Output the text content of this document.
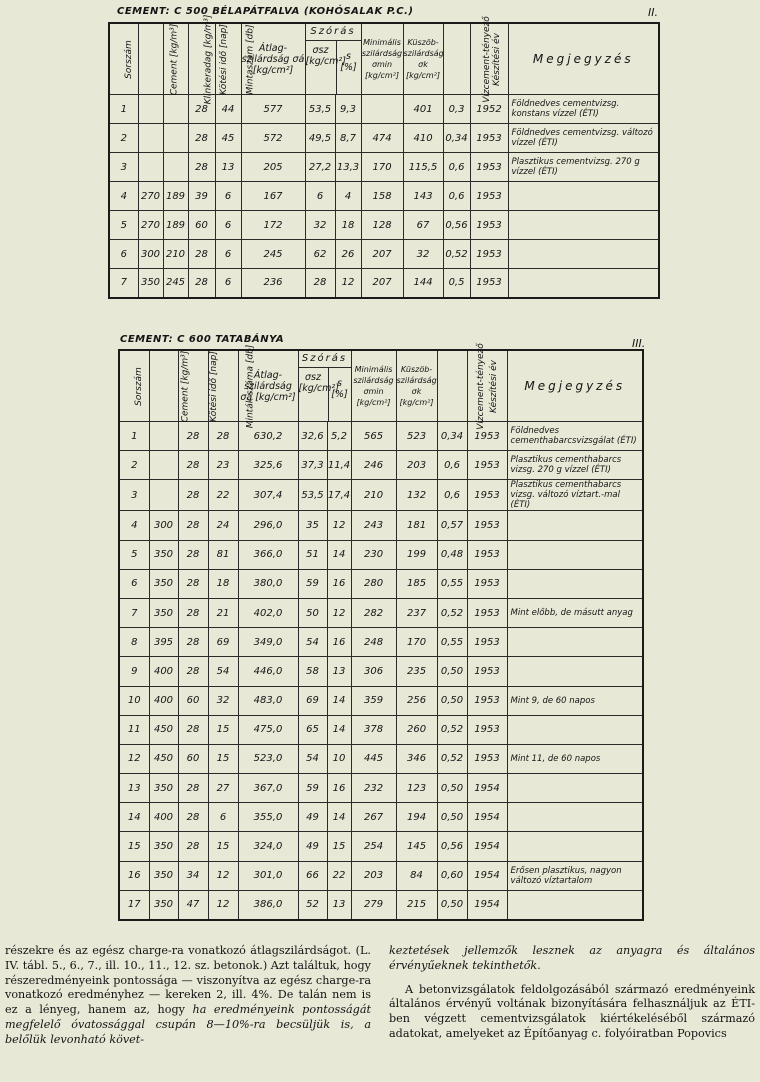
CEMENT: C 500 BÉLAPÁTFALVA (KOHÓSALAK P.C.)	II.
Sorszám	Cement [kg/m³]	Klinkeradag [kg/m³]	Kötési idő [nap]	Mintaszám [db]	Átlag-szilárdság σá [kg/cm²]	Szórás
σsz [kg/cm²] s [%]		Minimális szilárdság σmin [kg/cm²]	Küszöb-szilárdság σk [kg/cm²]	Vízcement-tényező	Készítési év	Megjegyzés
1			28	44	577	53,5	9,3		401	0,3	1952	Földnedves cementvizsg. konstans vízzel (ÉTI)
2			28	45	572	49,5	8,7	474	410	0,34	1953	Földnedves cementvizsg. változó vízzel (ÉTI)
3			28	13	205	27,2	13,3	170	115,5	0,6	1953	Plasztikus cementvizsg. 270 g vízzel (ÉTI)
4	270	189	39	6	167	6	4	158	143	0,6	1953	
5	270	189	60	6	172	32	18	128	67	0,56	1953	
6	300	210	28	6	245	62	26	207	32	0,52	1953	
7	350	245	28	6	236	28	12	207	144	0,5	1953	
CEMENT: C 600 TATABÁNYA	III.
Sorszám	Cement [kg/m³]	Kötési idő [nap]	Minták száma [db]	Átlag-szilárdság σá [kg/cm²]	Szórás
σsz [kg/cm²]
s [%]		Minimális szilárdság σmin [kg/cm²]	Küszöb-szilárdság σk [kg/cm²]	Vízcement-tényező	Készítési év	Megjegyzés
1		28	28	630,2	32,6	5,2	565	523	0,34	1953	Földnedves cementhabarcsvizsgálat (ÉTI)
2		28	23	325,6	37,3	11,4	246	203	0,6	1953	Plasztikus cementhabarcs vizsg. 270 g vízzel (ÉTI)
3		28	22	307,4	53,5	17,4	210	132	0,6	1953	Plasztikus cementhabarcs vizsg. változó víztart.-mal (ÉTI)
4	300	28	24	296,0	35	12	243	181	0,57	1953	
5	350	28	81	366,0	51	14	230	199	0,48	1953	
6	350	28	18	380,0	59	16	280	185	0,55	1953	
7	350	28	21	402,0	50	12	282	237	0,52	1953	Mint előbb, de másutt anyag
8	395	28	69	349,0	54	16	248	170	0,55	1953	
9	400	28	54	446,0	58	13	306	235	0,50	1953	
10	400	60	32	483,0	69	14	359	256	0,50	1953	Mint 9, de 60 napos
11	450	28	15	475,0	65	14	378	260	0,52	1953	
12	450	60	15	523,0	54	10	445	346	0,52	1953	Mint 11, de 60 napos
13	350	28	27	367,0	59	16	232	123	0,50	1954	
14	400	28	6	355,0	49	14	267	194	0,50	1954	
15	350	28	15	324,0	49	15	254	145	0,56	1954	
16	350	34	12	301,0	66	22	203	84	0,60	1954	Erősen plasztikus, nagyon változó víztartalom
17	350	47	12	386,0	52	13	279	215	0,50	1954	

részekre és az egész charge-ra vonatkozó átlagszilárdságot. (L. IV. tábl. 5., 6., 7., ill. 10., 11., 12. sz. betonok.) Azt találtuk, hogy részeredményeink pontossága — viszonyítva az egész charge-ra vonatkozó eredményhez — kereken 2, ill. 4%. De talán nem is ez a lényeg, hanem az, hogy ha eredményeink pontosságát megfelelő óvatossággal csupán 8—10%-ra becsüljük is, a belőlük levonható követ-

keztetések jellemzők lesznek az anyagra és általános érvényűeknek tekinthetők.

A betonvizsgálatok feldolgozásából származó eredményeink általános érvényű voltának bizonyítására felhasználjuk az ÉTI-ben végzett cementvizsgálatok kiértékeléséből származó adatokat, amelyeket az Építőanyag c. folyóiratban Popovics
